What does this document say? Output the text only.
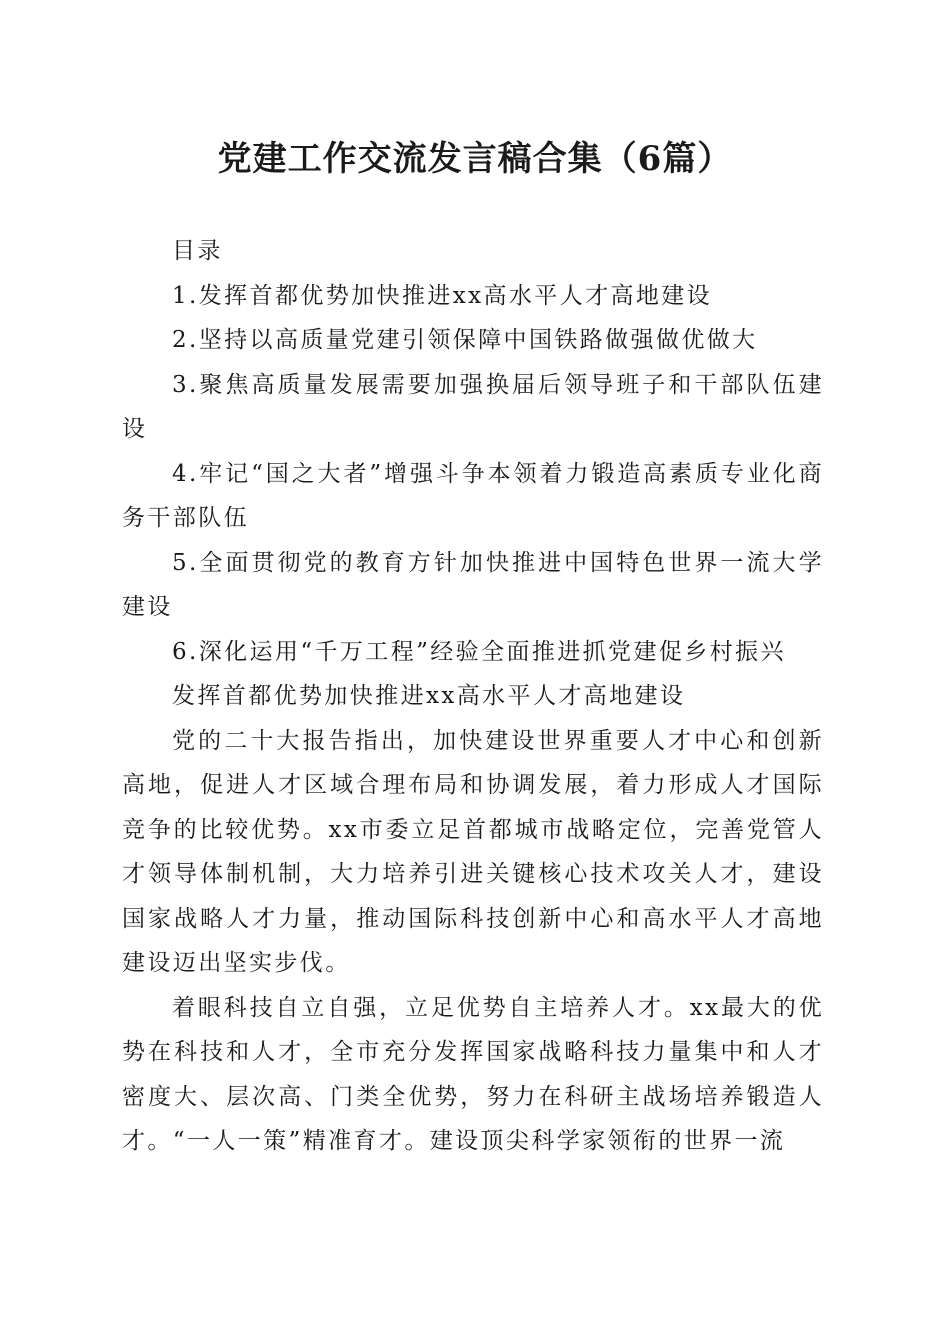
党建工作交流发言稿合集（6篇）
目录

1.发挥首都优势加快推进xx高水平人才高地建设

2.坚持以高质量党建引领保障中国铁路做强做优做大

3.聚焦高质量发展需要加强换届后领导班子和干部队伍建设

4.牢记“国之大者”增强斗争本领着力锻造高素质专业化商务干部队伍

5.全面贯彻党的教育方针加快推进中国特色世界一流大学建设

6.深化运用“千万工程”经验全面推进抓党建促乡村振兴

发挥首都优势加快推进xx高水平人才高地建设

党的二十大报告指出，加快建设世界重要人才中心和创新高地，促进人才区域合理布局和协调发展，着力形成人才国际竞争的比较优势。xx市委立足首都城市战略定位，完善党管人才领导体制机制，大力培养引进关键核心技术攻关人才，建设国家战略人才力量，推动国际科技创新中心和高水平人才高地建设迈出坚实步伐。

着眼科技自立自强，立足优势自主培养人才。xx最大的优势在科技和人才，全市充分发挥国家战略科技力量集中和人才密度大、层次高、门类全优势，努力在科研主战场培养锻造人才。“一人一策”精准育才。建设顶尖科学家领衔的世界一流
